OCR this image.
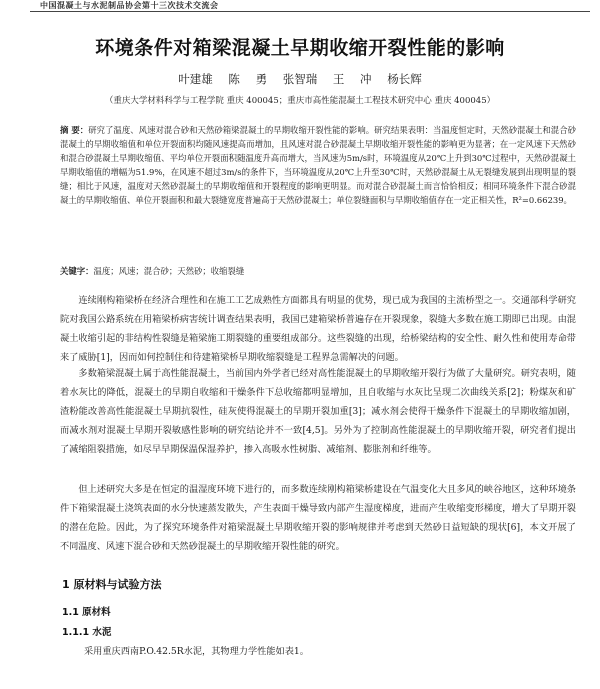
中国混凝土与水泥制品协会第十三次技术交流会
环境条件对箱梁混凝土早期收缩开裂性能的影响
叶建雄 陈 勇 张智瑞 王 冲 杨长辉
（重庆大学材料科学与工程学院 重庆 400045；重庆市高性能混凝土工程技术研究中心 重庆 400045）
摘 要：研究了温度、风速对混合砂和天然砂箱梁混凝土的早期收缩开裂性能的影响。研究结果表明：当温度恒定时，天然砂混凝土和混合砂混凝土的早期收缩值和单位开裂面积均随风速提高而增加，且风速对混合砂混凝土早期收缩开裂性能的影响更为显著；在一定风速下天然砂和混合砂混凝土早期收缩值、平均单位开裂面积随温度升高而增大，当风速为5m/s时，环境温度从20℃上升到30℃过程中，天然砂混凝土早期收缩值的增幅为51.9%，在风速不超过3m/s的条件下，当环境温度从20℃上升至30℃时，天然砂混凝土从无裂缝发展到出现明显的裂缝；相比于风速，温度对天然砂混凝土的早期收缩值和开裂程度的影响更明显。而对混合砂混凝土而言恰恰相反；相同环境条件下混合砂混凝土的早期收缩值、单位开裂面积和最大裂缝宽度普遍高于天然砂混凝土；单位裂缝面积与早期收缩值存在一定正相关性，R²=0.66239。
关键字：温度；风速；混合砂；天然砂；收缩裂缝
连续刚构箱梁桥在经济合理性和在施工工艺成熟性方面都具有明显的优势，现已成为我国的主流桥型之一。交通部科学研究院对我国公路系统在用箱梁桥病害统计调查结果表明，我国已建箱梁桥普遍存在开裂现象，裂缝大多数在施工期即已出现。由混凝土收缩引起的非结构性裂缝是箱梁施工期裂缝的重要组成部分。这些裂缝的出现，给桥梁结构的安全性、耐久性和使用寿命带来了威胁[1]，因而如何控制住和待建箱梁桥早期收缩裂缝是工程界急需解决的问题。
多数箱梁混凝土属于高性能混凝土，当前国内外学者已经对高性能混凝土的早期收缩开裂行为做了大量研究。研究表明，随着水灰比的降低，混凝土的早期自收缩和干燥条件下总收缩都明显增加，且自收缩与水灰比呈现二次曲线关系[2]；粉煤灰和矿渣粉能改善高性能混凝土早期抗裂性，硅灰使得混凝土的早期开裂加重[3]；减水剂会使得干燥条件下混凝土的早期收缩加剧，而减水剂对混凝土早期开裂敏感性影响的研究结论并不一致[4,5]。另外为了控制高性能混凝土的早期收缩开裂，研究者们提出了减缩阻裂措施，如尽早早期保温保湿养护，掺入高吸水性树脂、减缩剂、膨胀剂和纤维等。
但上述研究大多是在恒定的温湿度环境下进行的，而多数连续刚构箱梁桥建设在气温变化大且多风的峡谷地区，这种环境条件下箱梁混凝土浇筑表面的水分快速蒸发散失，产生表面干燥导致内部产生湿度梯度，进而产生收缩变形梯度，增大了早期开裂的潜在危险。因此，为了探究环境条件对箱梁混凝土早期收缩开裂的影响规律并考虑到天然砂日益短缺的现状[6]，本文开展了不同温度、风速下混合砂和天然砂混凝土的早期收缩开裂性能的研究。
1 原材料与试验方法
1.1 原材料
1.1.1 水泥
采用重庆西南P.O.42.5R水泥，其物理力学性能如表1。
